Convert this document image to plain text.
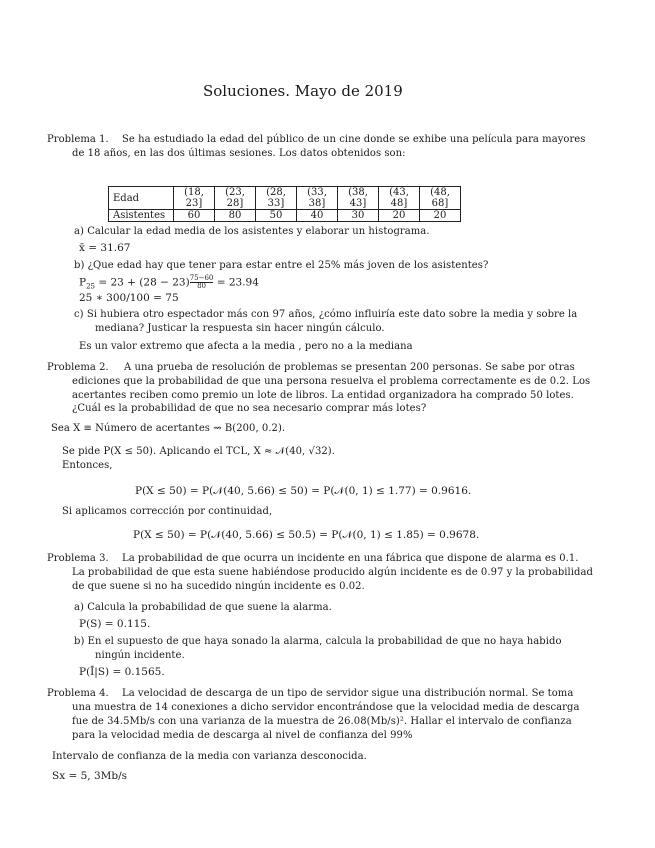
Soluciones. Mayo de 2019
Problema 1. Se ha estudiado la edad del público de un cine donde se exhibe una película para mayores
de 18 años, en las dos últimas sesiones. Los datos obtenidos son:
Edad	(18, 23]	(23, 28]	(28, 33]	(33, 38]	(38, 43]	(43, 48]	(48, 68]
Asistentes	60	80	50	40	30	20	20
a) Calcular la edad media de los asistentes y elaborar un histograma.
x̄ = 31.67
b) ¿Que edad hay que tener para estar entre el 25% más joven de los asistentes?
$P_{25} = 23 + (28 - 23) \frac{75-60}{80} = 23.94$
25 ∗ 300/100 = 75
c) Si hubiera otro espectador más con 97 años, ¿cómo influiría este dato sobre la media y sobre la
mediana? Justicar la respuesta sin hacer ningún cálculo.
Es un valor extremo que afecta a la media , pero no a la mediana
Problema 2. A una prueba de resolución de problemas se presentan 200 personas. Se sabe por otras
ediciones que la probabilidad de que una persona resuelva el problema correctamente es de 0.2. Los
acertantes reciben como premio un lote de libros. La entidad organizadora ha comprado 50 lotes.
¿Cuál es la probabilidad de que no sea necesario comprar más lotes?
Sea X ≡ Número de acertantes ⇝ B(200, 0.2).
Se pide P(X ≤ 50). Aplicando el TCL, X ≈ 𝒩(40, √32).
Entonces,
P(X ≤ 50) = P(𝒩(40, 5.66) ≤ 50) = P(𝒩(0, 1) ≤ 1.77) = 0.9616.
Si aplicamos corrección por continuidad,
P(X ≤ 50) = P(𝒩(40, 5.66) ≤ 50.5) = P(𝒩(0, 1) ≤ 1.85) = 0.9678.
Problema 3. La probabilidad de que ocurra un incidente en una fábrica que dispone de alarma es 0.1.
La probabilidad de que esta suene habiéndose producido algún incidente es de 0.97 y la probabilidad
de que suene si no ha sucedido ningún incidente es 0.02.
a) Calcula la probabilidad de que suene la alarma.
P(S) = 0.115.
b) En el supuesto de que haya sonado la alarma, calcula la probabilidad de que no haya habido
ningún incidente.
P(Ī|S) = 0.1565.
Problema 4. La velocidad de descarga de un tipo de servidor sigue una distribución normal. Se toma
una muestra de 14 conexiones a dicho servidor encontrándose que la velocidad media de descarga
fue de 34.5Mb/s con una varianza de la muestra de 26.08(Mb/s)². Hallar el intervalo de confianza
para la velocidad media de descarga al nivel de confianza del 99%
Intervalo de confianza de la media con varianza desconocida.
Sx = 5, 3Mb/s
